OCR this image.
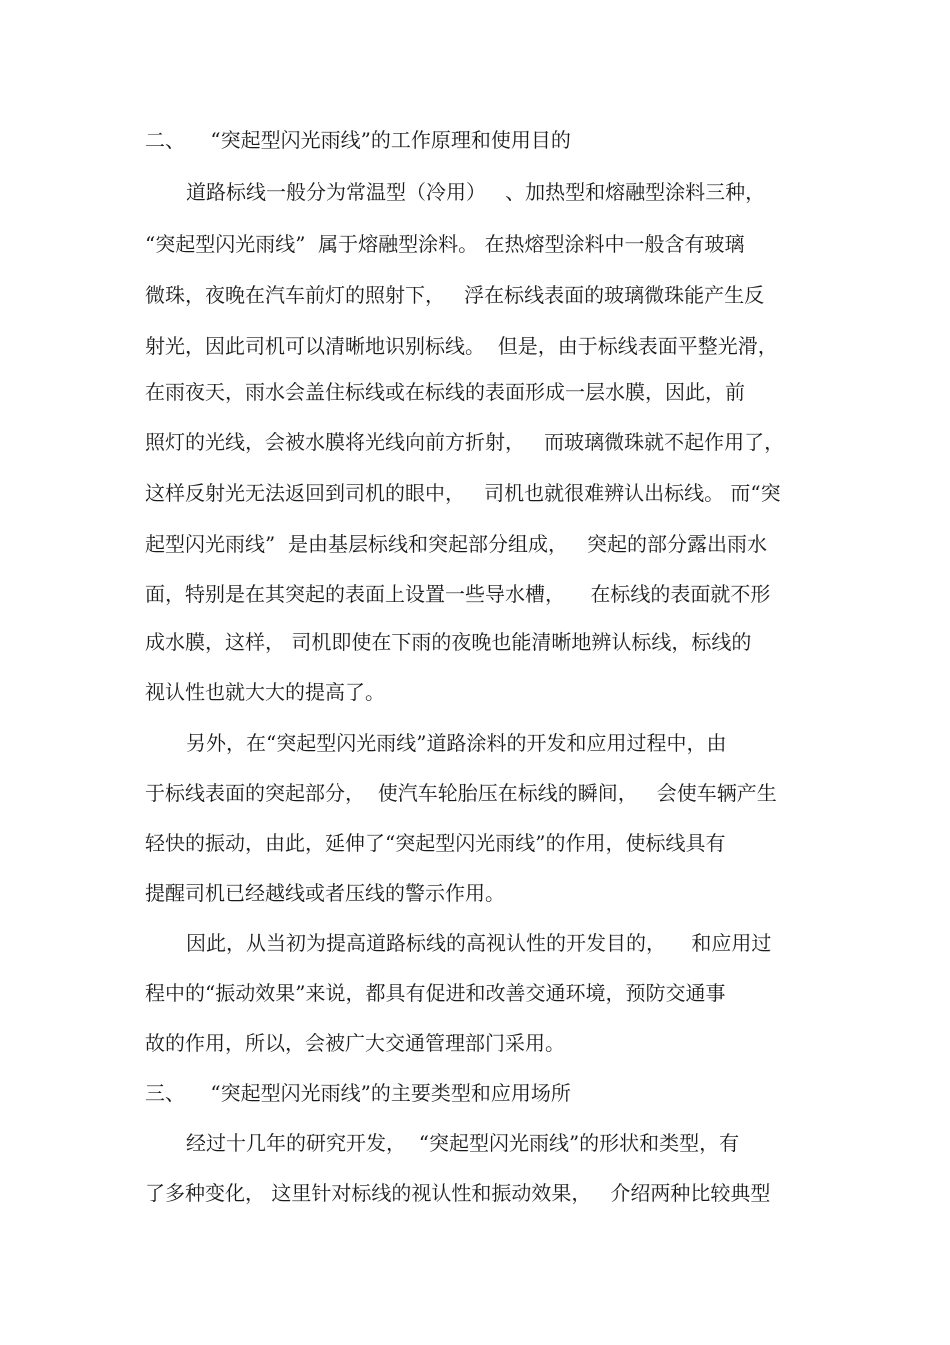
二、    “突起型闪光雨线”的工作原理和使用目的
道路标线一般分为常温型（冷用）   、加热型和熔融型涂料三种，
“突起型闪光雨线”  属于熔融型涂料。 在热熔型涂料中一般含有玻璃
微珠，夜晚在汽车前灯的照射下，   浮在标线表面的玻璃微珠能产生反
射光，因此司机可以清晰地识别标线。  但是，由于标线表面平整光滑，
在雨夜天，雨水会盖住标线或在标线的表面形成一层水膜，因此，前
照灯的光线，会被水膜将光线向前方折射，   而玻璃微珠就不起作用了，
这样反射光无法返回到司机的眼中，   司机也就很难辨认出标线。 而“突
起型闪光雨线”  是由基层标线和突起部分组成，   突起的部分露出雨水
面，特别是在其突起的表面上设置一些导水槽，    在标线的表面就不形
成水膜，这样， 司机即使在下雨的夜晚也能清晰地辨认标线，标线的
视认性也就大大的提高了。
另外，在“突起型闪光雨线”道路涂料的开发和应用过程中，由
于标线表面的突起部分，  使汽车轮胎压在标线的瞬间，   会使车辆产生
轻快的振动，由此，延伸了“突起型闪光雨线”的作用，使标线具有
提醒司机已经越线或者压线的警示作用。
因此，从当初为提高道路标线的高视认性的开发目的，    和应用过
程中的“振动效果”来说，都具有促进和改善交通环境，预防交通事
故的作用，所以，会被广大交通管理部门采用。
三、    “突起型闪光雨线”的主要类型和应用场所
经过十几年的研究开发，  “突起型闪光雨线”的形状和类型，有
了多种变化， 这里针对标线的视认性和振动效果，   介绍两种比较典型
